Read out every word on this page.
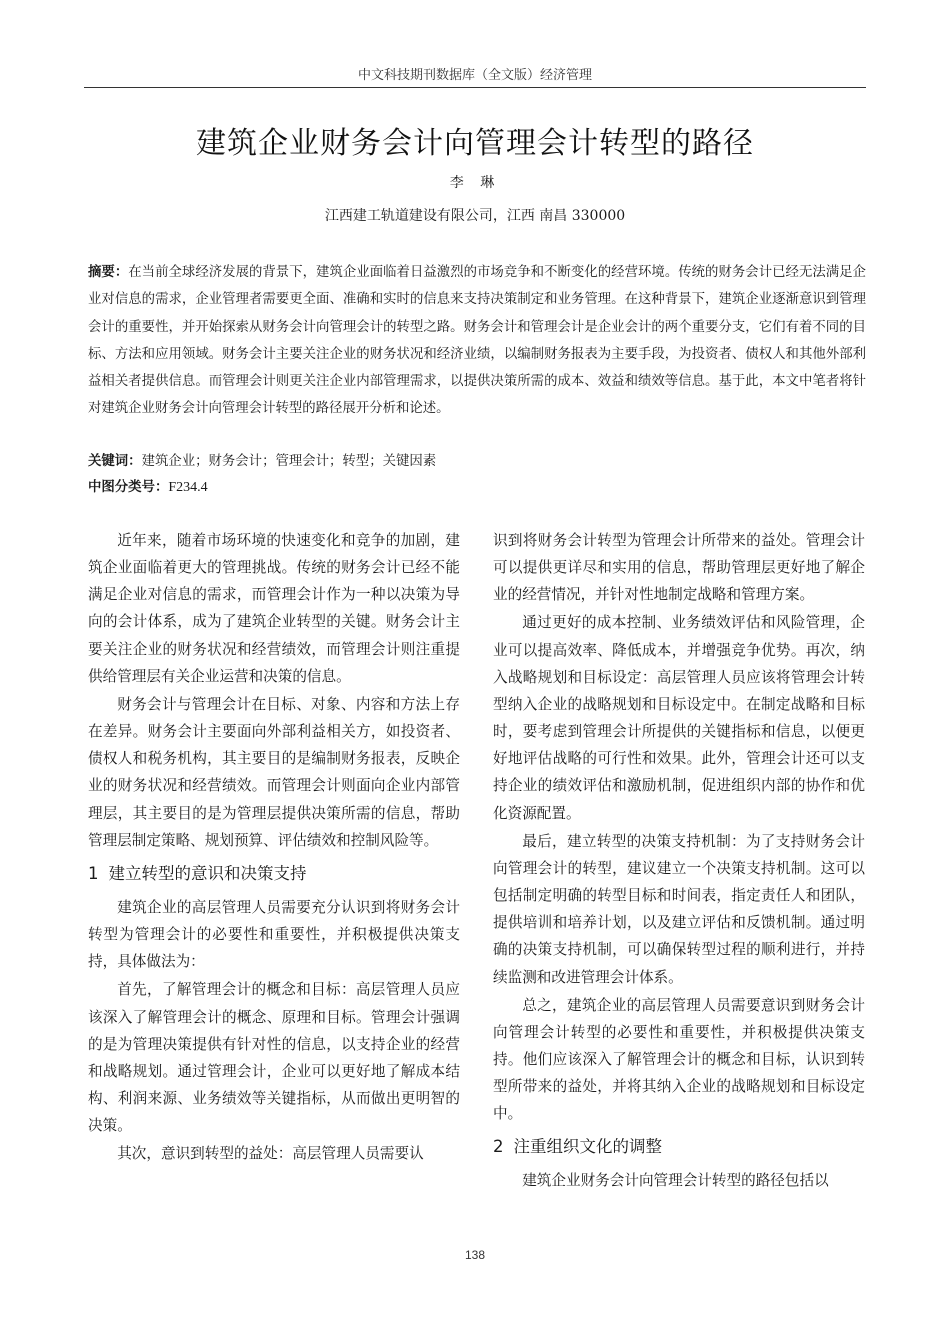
中文科技期刊数据库（全文版）经济管理
建筑企业财务会计向管理会计转型的路径
李 琳
江西建工轨道建设有限公司，江西 南昌 330000
摘要：在当前全球经济发展的背景下，建筑企业面临着日益激烈的市场竞争和不断变化的经营环境。传统的财务会计已经无法满足企业对信息的需求，企业管理者需要更全面、准确和实时的信息来支持决策制定和业务管理。在这种背景下，建筑企业逐渐意识到管理会计的重要性，并开始探索从财务会计向管理会计的转型之路。财务会计和管理会计是企业会计的两个重要分支，它们有着不同的目标、方法和应用领域。财务会计主要关注企业的财务状况和经济业绩，以编制财务报表为主要手段，为投资者、债权人和其他外部利益相关者提供信息。而管理会计则更关注企业内部管理需求，以提供决策所需的成本、效益和绩效等信息。基于此，本文中笔者将针对建筑企业财务会计向管理会计转型的路径展开分析和论述。
关键词：建筑企业；财务会计；管理会计；转型；关键因素
中图分类号：F234.4

近年来，随着市场环境的快速变化和竞争的加剧，建筑企业面临着更大的管理挑战。传统的财务会计已经不能满足企业对信息的需求，而管理会计作为一种以决策为导向的会计体系，成为了建筑企业转型的关键。财务会计主要关注企业的财务状况和经营绩效，而管理会计则注重提供给管理层有关企业运营和决策的信息。

财务会计与管理会计在目标、对象、内容和方法上存在差异。财务会计主要面向外部利益相关方，如投资者、债权人和税务机构，其主要目的是编制财务报表，反映企业的财务状况和经营绩效。而管理会计则面向企业内部管理层，其主要目的是为管理层提供决策所需的信息，帮助管理层制定策略、规划预算、评估绩效和控制风险等。

1 建立转型的意识和决策支持

建筑企业的高层管理人员需要充分认识到将财务会计转型为管理会计的必要性和重要性，并积极提供决策支持，具体做法为：

首先，了解管理会计的概念和目标：高层管理人员应该深入了解管理会计的概念、原理和目标。管理会计强调的是为管理决策提供有针对性的信息，以支持企业的经营和战略规划。通过管理会计，企业可以更好地了解成本结构、利润来源、业务绩效等关键指标，从而做出更明智的决策。

其次，意识到转型的益处：高层管理人员需要认

识到将财务会计转型为管理会计所带来的益处。管理会计可以提供更详尽和实用的信息，帮助管理层更好地了解企业的经营情况，并针对性地制定战略和管理方案。

通过更好的成本控制、业务绩效评估和风险管理，企业可以提高效率、降低成本，并增强竞争优势。再次，纳入战略规划和目标设定：高层管理人员应该将管理会计转型纳入企业的战略规划和目标设定中。在制定战略和目标时，要考虑到管理会计所提供的关键指标和信息，以便更好地评估战略的可行性和效果。此外，管理会计还可以支持企业的绩效评估和激励机制，促进组织内部的协作和优化资源配置。

最后，建立转型的决策支持机制：为了支持财务会计向管理会计的转型，建议建立一个决策支持机制。这可以包括制定明确的转型目标和时间表，指定责任人和团队，提供培训和培养计划，以及建立评估和反馈机制。通过明确的决策支持机制，可以确保转型过程的顺利进行，并持续监测和改进管理会计体系。

总之，建筑企业的高层管理人员需要意识到财务会计向管理会计转型的必要性和重要性，并积极提供决策支持。他们应该深入了解管理会计的概念和目标，认识到转型所带来的益处，并将其纳入企业的战略规划和目标设定中。

2 注重组织文化的调整

建筑企业财务会计向管理会计转型的路径包括以

138
